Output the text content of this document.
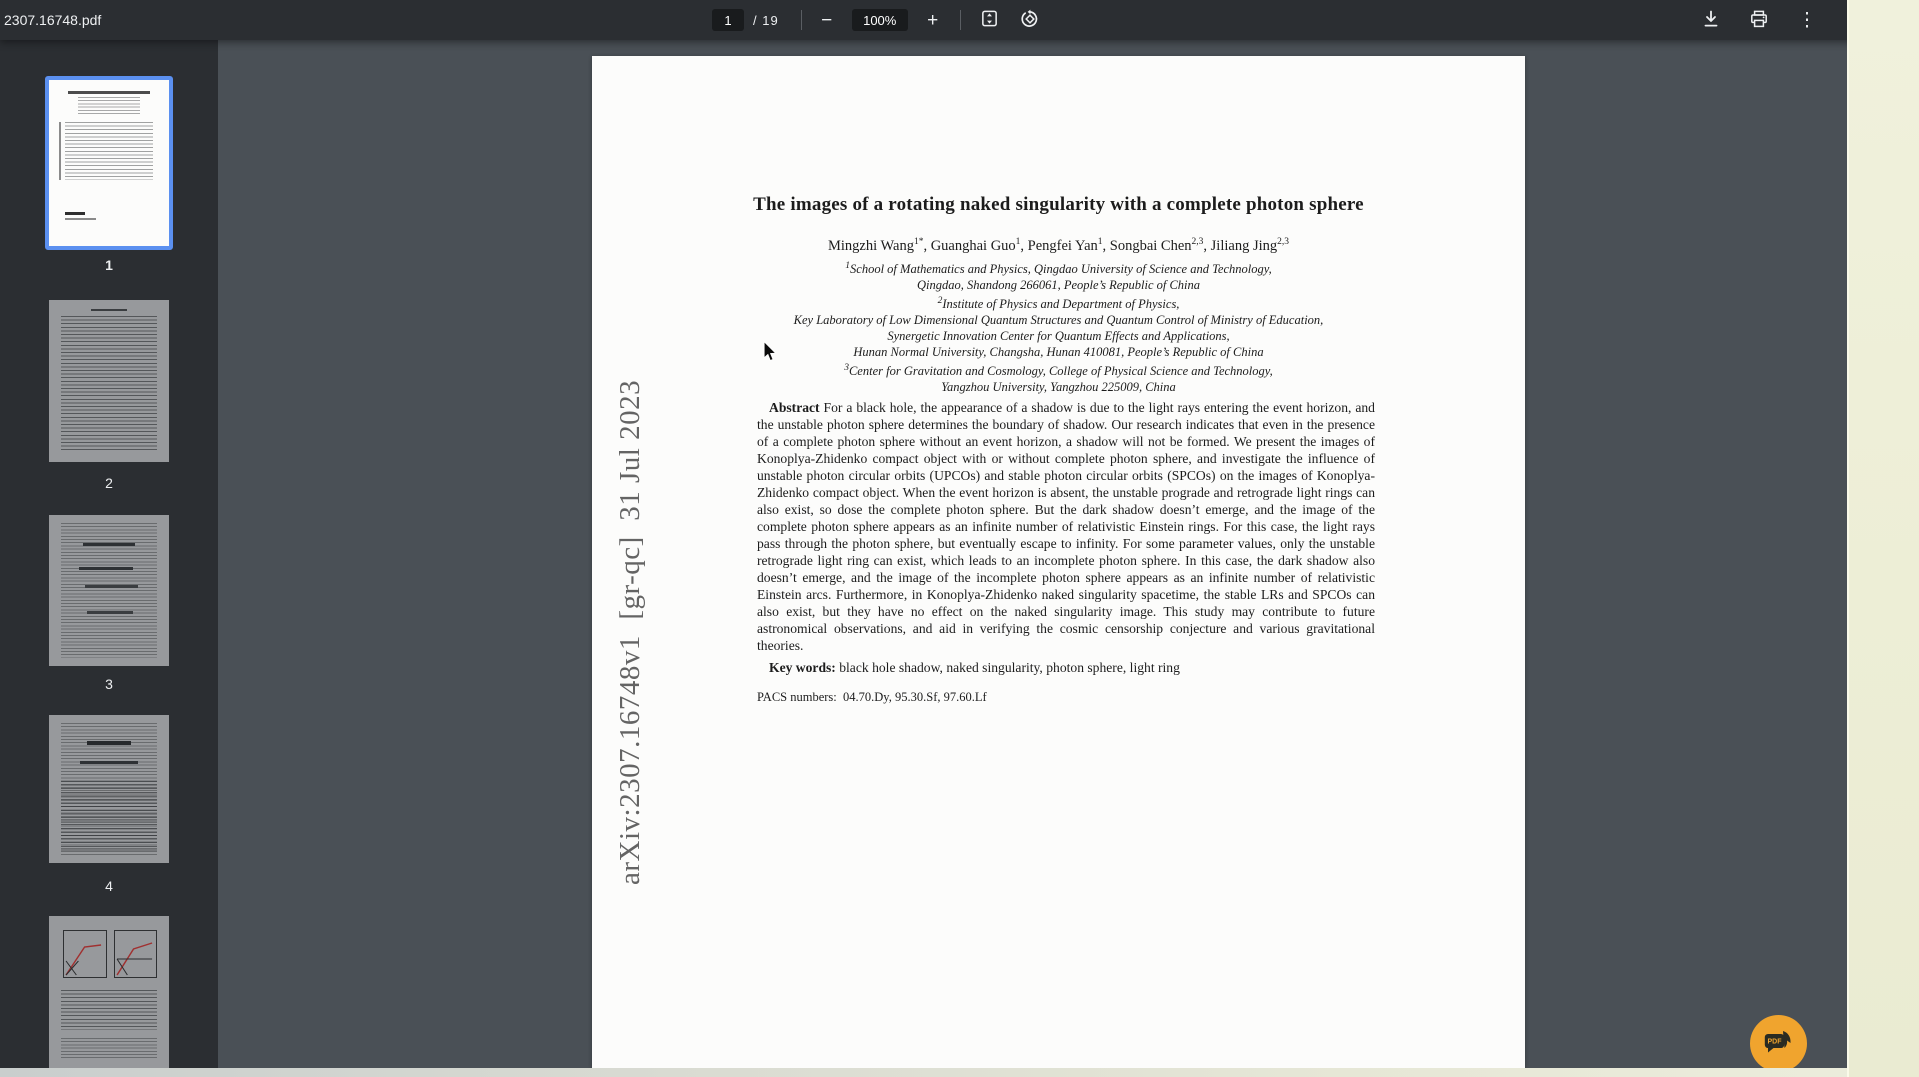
2307.16748.pdf
1	/ 19 −	100%	+	⋮
1
2
3
4
arXiv:2307.16748v1  [gr-qc]  31 Jul 2023
The images of a rotating naked singularity with a complete photon sphere
Mingzhi Wang$^{1*}$, Guanghai Guo$^1$, Pengfei Yan$^1$, Songbai Chen$^{2,3}$, Jiliang Jing$^{2,3}$
$^1$School of Mathematics and Physics, Qingdao University of Science and Technology,
Qingdao, Shandong 266061, People’s Republic of China
$^2$Institute of Physics and Department of Physics,
Key Laboratory of Low Dimensional Quantum Structures and Quantum Control of Ministry of Education,
Synergetic Innovation Center for Quantum Effects and Applications,
Hunan Normal University, Changsha, Hunan 410081, People’s Republic of China
$^3$Center for Gravitation and Cosmology, College of Physical Science and Technology,
Yangzhou University, Yangzhou 225009, China

Abstract For a black hole, the appearance of a shadow is due to the light rays entering the event horizon, and the unstable photon sphere determines the boundary of shadow. Our research indicates that even in the presence of a complete photon sphere without an event horizon, a shadow will not be formed. We present the images of Konoplya-Zhidenko compact object with or without complete photon sphere, and investigate the influence of unstable photon circular orbits (UPCOs) and stable photon circular orbits (SPCOs) on the images of Konoplya-Zhidenko compact object. When the event horizon is absent, the unstable prograde and retrograde light rings can also exist, so dose the complete photon sphere. But the dark shadow doesn’t emerge, and the image of the complete photon sphere appears as an infinite number of relativistic Einstein rings. For this case, the light rays pass through the photon sphere, but eventually escape to infinity. For some parameter values, only the unstable retrograde light ring can exist, which leads to an incomplete photon sphere. In this case, the dark shadow also doesn’t emerge, and the image of the incomplete photon sphere appears as an infinite number of relativistic Einstein arcs. Furthermore, in Konoplya-Zhidenko naked singularity spacetime, the stable LRs and SPCOs can also exist, but they have no effect on the naked singularity image. This study may contribute to future astronomical observations, and aid in verifying the cosmic censorship conjecture and various gravitational theories.

Key words: black hole shadow, naked singularity, photon sphere, light ring

PACS numbers: 04.70.Dy, 95.30.Sf, 97.60.Lf

PDF
